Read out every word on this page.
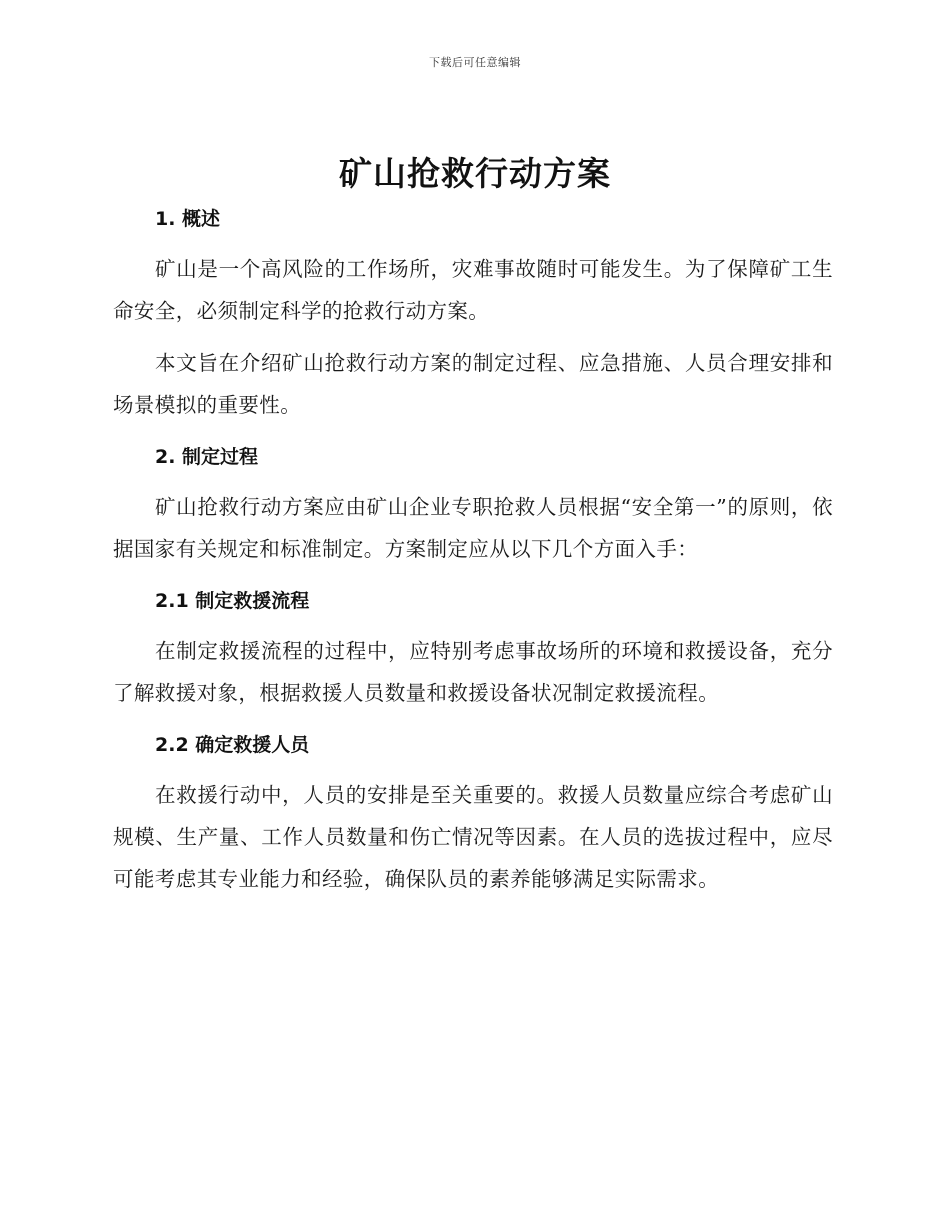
下载后可任意编辑
矿山抢救行动方案
1. 概述

矿山是一个高风险的工作场所，灾难事故随时可能发生。为了保障矿工生命安全，必须制定科学的抢救行动方案。

本文旨在介绍矿山抢救行动方案的制定过程、应急措施、人员合理安排和场景模拟的重要性。

2. 制定过程

矿山抢救行动方案应由矿山企业专职抢救人员根据“安全第一”的原则，依据国家有关规定和标准制定。方案制定应从以下几个方面入手：

2.1 制定救援流程

在制定救援流程的过程中，应特别考虑事故场所的环境和救援设备，充分了解救援对象，根据救援人员数量和救援设备状况制定救援流程。

2.2 确定救援人员

在救援行动中，人员的安排是至关重要的。救援人员数量应综合考虑矿山规模、生产量、工作人员数量和伤亡情况等因素。在人员的选拔过程中，应尽可能考虑其专业能力和经验，确保队员的素养能够满足实际需求。
